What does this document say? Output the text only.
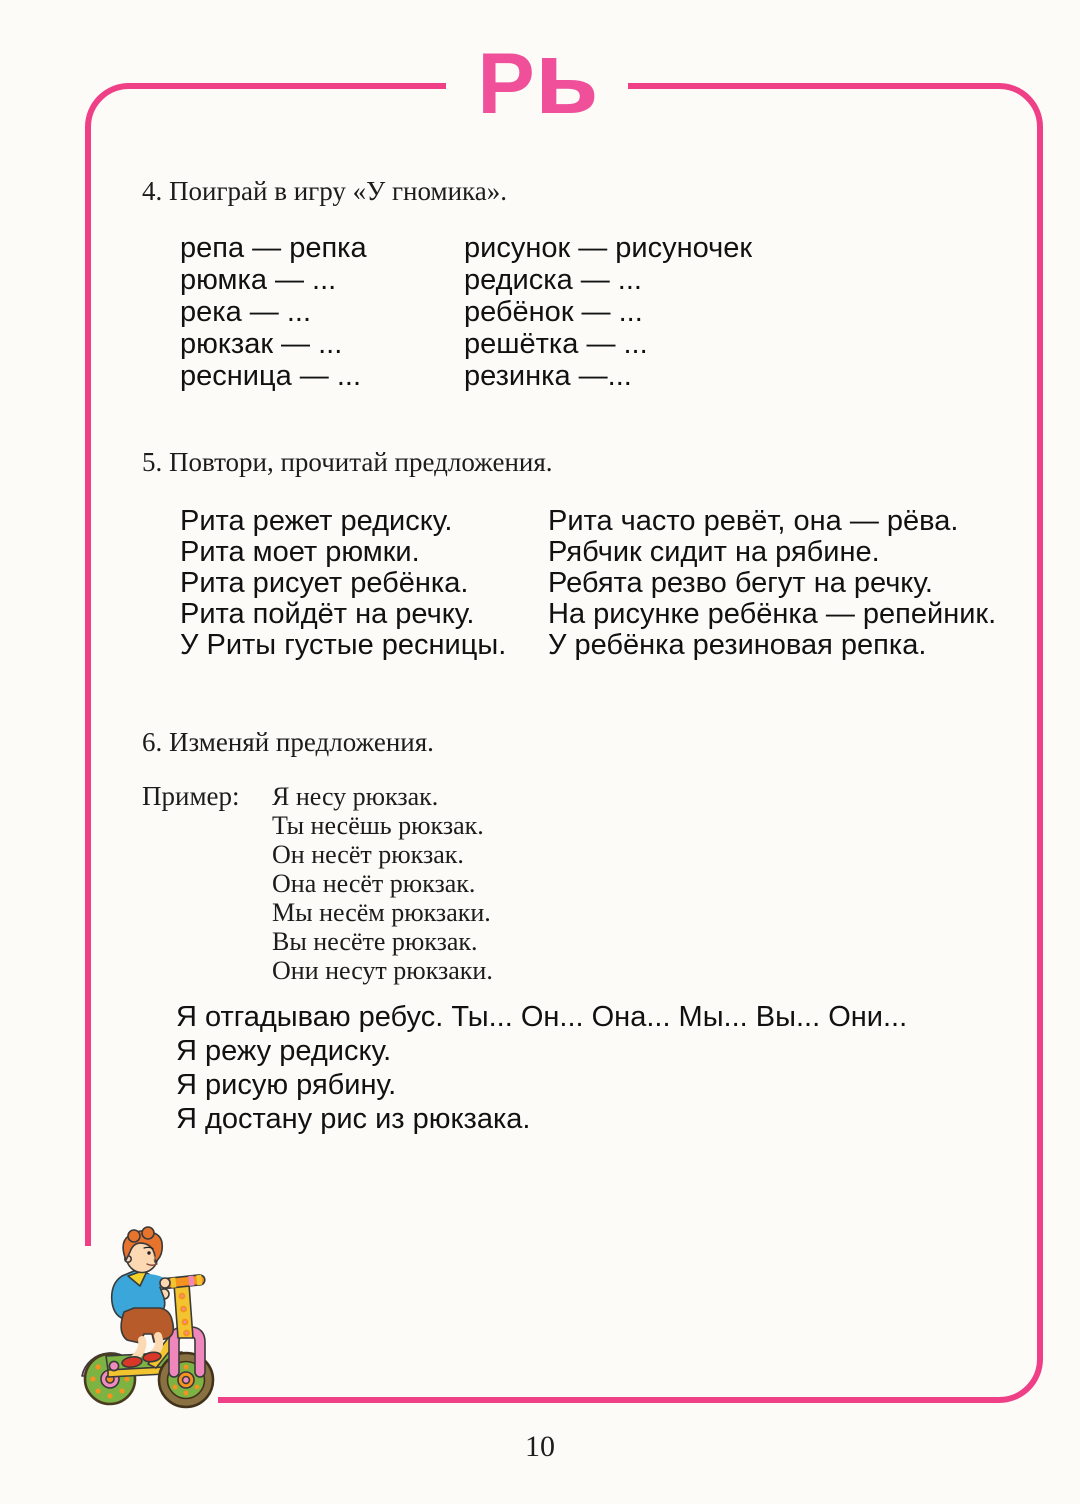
Рь
4. Поиграй в игру «У гномика».
репа — репка
рюмка — ...
река — ...
рюкзак — ...
ресница — ...
рисунок — рисуночек
редиска — ...
ребёнок — ...
решётка — ...
резинка —...
5. Повтори, прочитай предложения.
Рита режет редиску.
Рита моет рюмки.
Рита рисует ребёнка.
Рита пойдёт на речку.
У Риты густые ресницы.
Рита часто ревёт, она — рёва.
Рябчик сидит на рябине.
Ребята резво бегут на речку.
На рисунке ребёнка — репейник.
У ребёнка резиновая репка.
6. Изменяй предложения.
Пример: Я несу рюкзак.
Ты несёшь рюкзак.
Он несёт рюкзак.
Она несёт рюкзак.
Мы несём рюкзаки.
Вы несёте рюкзак.
Они несут рюкзаки.
Я отгадываю ребус. Ты... Он... Она... Мы... Вы... Они...
Я режу редиску.
Я рисую рябину.
Я достану рис из рюкзака.
10
